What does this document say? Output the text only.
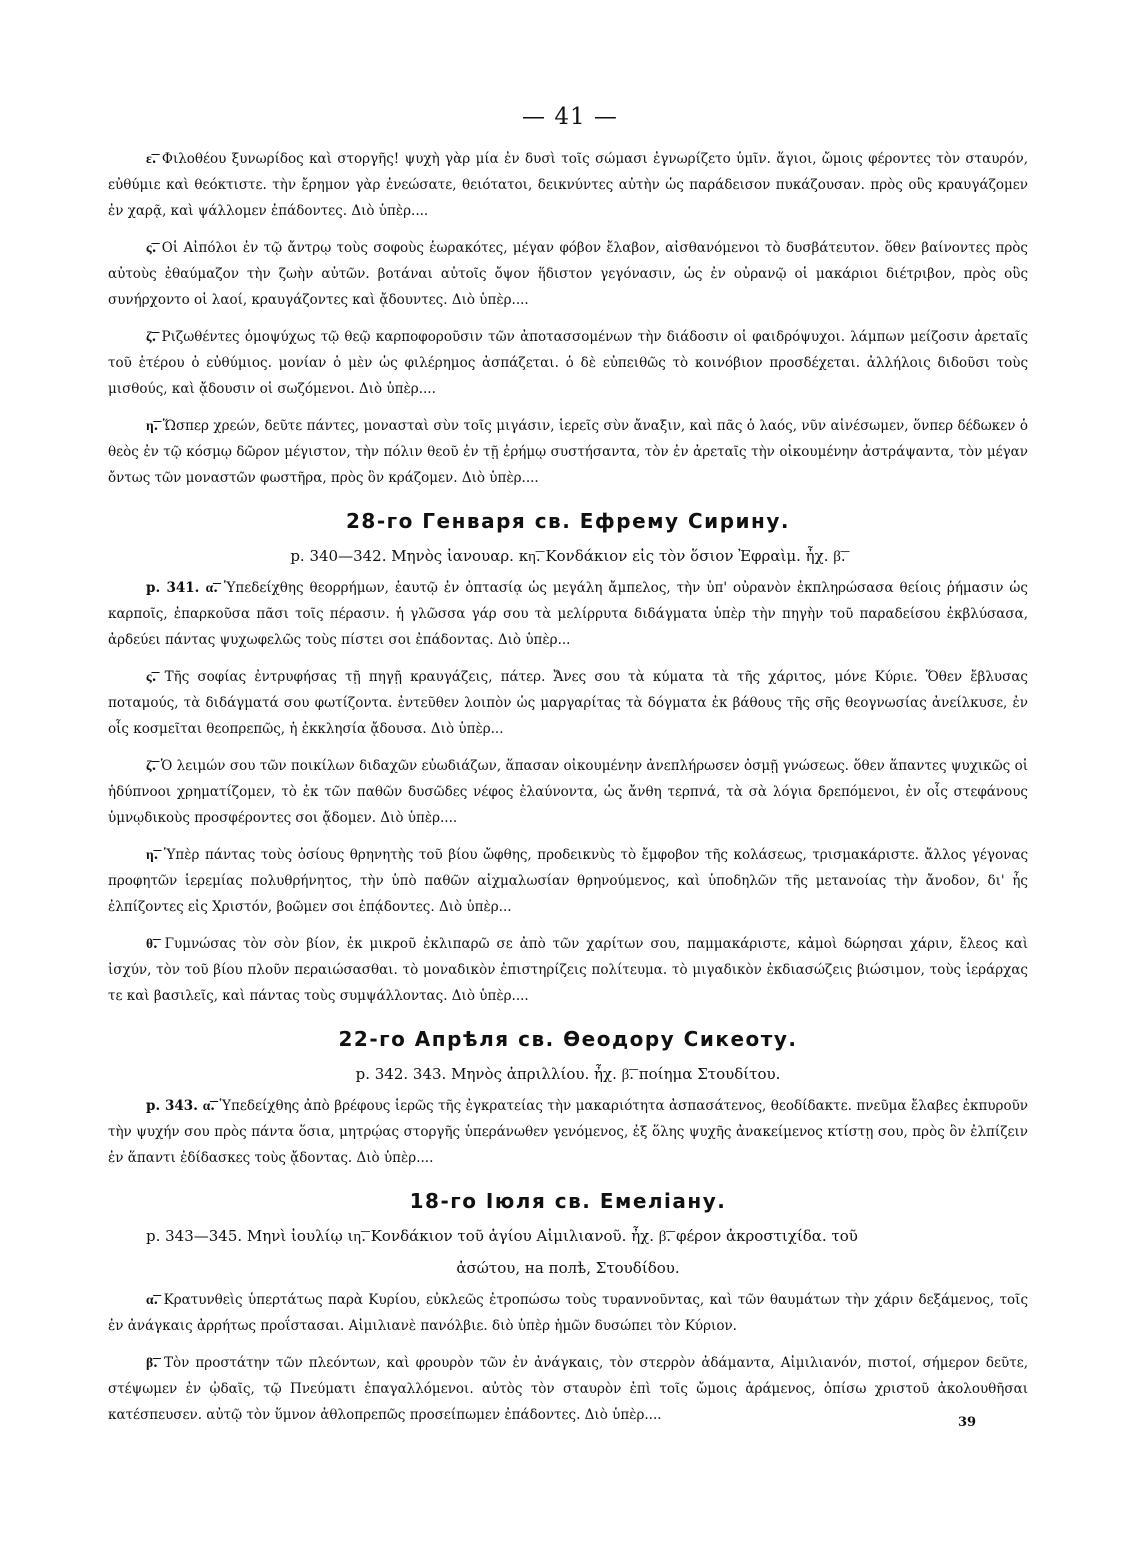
— 41 —

ε͞. Φιλοθέου ξυνωρίδος καὶ στοργῆς! ψυχὴ γὰρ μία ἐν δυσὶ τοῖς σώμασι ἐγνωρίζετο ὑμῖν. ἅγιοι, ὤμοις φέροντες τὸν σταυρόν, εὐθύμιε καὶ θεόκτιστε. τὴν ἔρημον γὰρ ἐνεώσατε, θειότατοι, δεικνύντες αὐτὴν ὡς παράδεισον πυκάζουσαν. πρὸς οὓς κραυγάζομεν ἐν χαρᾷ, καὶ ψάλλομεν ἐπάδοντες. Διὸ ὑπὲρ....

ς͞. Οἱ Αἰπόλοι ἐν τῷ ἄντρῳ τοὺς σοφοὺς ἑωρακότες, μέγαν φόβον ἔλαβον, αἰσθανόμενοι τὸ δυσβάτευτον. ὅθεν βαίνοντες πρὸς αὐτοὺς ἐθαύμαζον τὴν ζωὴν αὐτῶν. βοτάναι αὐτοῖς ὄψον ἥδιστον γεγόνασιν, ὡς ἐν οὐρανῷ οἱ μακάριοι διέτριβον, πρὸς οὓς συνήρχοντο οἱ λαοί, κραυγάζοντες καὶ ᾄδουντες. Διὸ ὑπὲρ....

ζ͞. Ριζωθέντες ὁμοψύχως τῷ θεῷ καρποφοροῦσιν τῶν ἀποτασσομένων τὴν διάδοσιν οἱ φαιδρόψυχοι. λάμπων μείζοσιν ἀρεταῖς τοῦ ἑτέρου ὁ εὐθύμιος. μονίαν ὁ μὲν ὡς φιλέρημος ἀσπάζεται. ὁ δὲ εὐπειθῶς τὸ κοινόβιον προσδέχεται. ἀλλήλοις διδοῦσι τοὺς μισθούς, καὶ ᾄδουσιν οἱ σωζόμενοι. Διὸ ὑπὲρ....

η͞. Ὥσπερ χρεών, δεῦτε πάντες, μονασταὶ σὺν τοῖς μιγάσιν, ἱερεῖς σὺν ἄναξιν, καὶ πᾶς ὁ λαός, νῦν αἰνέσωμεν, ὅνπερ δέδωκεν ὁ θεὸς ἐν τῷ κόσμῳ δῶρον μέγιστον, τὴν πόλιν θεοῦ ἐν τῇ ἐρήμῳ συστήσαντα, τὸν ἐν ἀρεταῖς τὴν οἰκουμένην ἀστράψαντα, τὸν μέγαν ὄντως τῶν μοναστῶν φωστῆρα, πρὸς ὃν κράζομεν. Διὸ ὑπὲρ....

28-го Генваря св. Ефрему Сирину.
р. 340—342. Μηνὸς ἰανουαρ. κη͞. Κονδάκιον εἰς τὸν ὅσιον Ἐφραὶμ. ἦχ. β͞.

р. 341. α͞. Ὑπεδείχθης θεορρήμων, ἑαυτῷ ἐν ὀπτασίᾳ ὡς μεγάλη ἄμπελος, τὴν ὑπ' οὐρανὸν ἐκπληρώσασα θείοις ῥήμασιν ὡς καρποῖς, ἐπαρκοῦσα πᾶσι τοῖς πέρασιν. ἡ γλῶσσα γάρ σου τὰ μελίρρυτα διδάγματα ὑπὲρ τὴν πηγὴν τοῦ παραδείσου ἐκβλύσασα, ἀρδεύει πάντας ψυχωφελῶς τοὺς πίστει σοι ἐπάδοντας. Διὸ ὑπὲρ...

ς͞. Τῆς σοφίας ἐντρυφήσας τῇ πηγῇ κραυγάζεις, πάτερ. Ἄνες σου τὰ κύματα τὰ τῆς χάριτος, μόνε Κύριε. Ὅθεν ἔβλυσας ποταμούς, τὰ διδάγματά σου φωτίζοντα. ἐντεῦθεν λοιπὸν ὡς μαργαρίτας τὰ δόγματα ἐκ βάθους τῆς σῆς θεογνωσίας ἀνείλκυσε, ἐν οἷς κοσμεῖται θεοπρεπῶς, ἡ ἐκκλησία ᾄδουσα. Διὸ ὑπὲρ...

ζ͞. Ὁ λειμών σου τῶν ποικίλων διδαχῶν εὐωδιάζων, ἅπασαν οἰκουμένην ἀνεπλήρωσεν ὀσμῇ γνώσεως. ὅθεν ἅπαντες ψυχικῶς οἱ ἡδύπνοοι χρηματίζομεν, τὸ ἐκ τῶν παθῶν δυσῶδες νέφος ἐλαύνοντα, ὡς ἄνθη τερπνά, τὰ σὰ λόγια δρεπόμενοι, ἐν οἷς στεφάνους ὑμνῳδικοὺς προσφέροντες σοι ᾄδομεν. Διὸ ὑπὲρ....

η͞. Ὑπὲρ πάντας τοὺς ὁσίους θρηνητὴς τοῦ βίου ὤφθης, προδεικνὺς τὸ ἔμφοβον τῆς κολάσεως, τρισμακάριστε. ἄλλος γέγονας προφητῶν ἱερεμίας πολυθρήνητος, τὴν ὑπὸ παθῶν αἰχμαλωσίαν θρηνούμενος, καὶ ὑποδηλῶν τῆς μετανοίας τὴν ἄνοδον, δι' ἧς ἐλπίζοντες εἰς Χριστόν, βοῶμεν σοι ἐπᾴδοντες. Διὸ ὑπὲρ...

θ͞. Γυμνώσας τὸν σὸν βίον, ἐκ μικροῦ ἐκλιπαρῶ σε ἀπὸ τῶν χαρίτων σου, παμμακάριστε, κἀμοὶ δώρησαι χάριν, ἔλεος καὶ ἰσχύν, τὸν τοῦ βίου πλοῦν περαιώσασθαι. τὸ μοναδικὸν ἐπιστηρίζεις πολίτευμα. τὸ μιγαδικὸν ἐκδιασώζεις βιώσιμον, τοὺς ἱεράρχας τε καὶ βασιλεῖς, καὶ πάντας τοὺς συμψάλλοντας. Διὸ ὑπὲρ....

22-го Апрѣля св. Өеодору Сикеоту.
р. 342. 343. Μηνὸς ἀπριλλίου. ἦχ. β͞. ποίημα Στουδίτου.

р. 343. α͞. Ὑπεδείχθης ἀπὸ βρέφους ἱερῶς τῆς ἐγκρατείας τὴν μακαριότητα ἀσπασάτενος, θεοδίδακτε. πνεῦμα ἔλαβες ἐκπυροῦν τὴν ψυχήν σου πρὸς πάντα ὅσια, μητρῴας στοργῆς ὑπεράνωθεν γενόμενος, ἐξ ὅλης ψυχῆς ἀνακείμενος κτίστῃ σου, πρὸς ὃν ἐλπίζειν ἐν ἅπαντι ἐδίδασκες τοὺς ᾄδοντας. Διὸ ὑπὲρ....

18-го Іюля св. Емеліану.
р. 343—345. Μηνὶ ἰουλίῳ ιη͞. Κονδάκιον τοῦ ἁγίου Αἰμιλιανοῦ. ἦχ. β͞. φέρον ἀκροστιχίδα. τοῦ
ἀσώτου, на полѣ, Στουδίδου.

α͞. Κρατυνθεὶς ὑπερτάτως παρὰ Κυρίου, εὐκλεῶς ἐτροπώσω τοὺς τυραννοῦντας, καὶ τῶν θαυμάτων τὴν χάριν δεξάμενος, τοῖς ἐν ἀνάγκαις ἀρρήτως προΐστασαι. Αἰμιλιανὲ πανόλβιε. διὸ ὑπὲρ ἡμῶν δυσώπει τὸν Κύριον.

β͞. Τὸν προστάτην τῶν πλεόντων, καὶ φρουρὸν τῶν ἐν ἀνάγκαις, τὸν στερρὸν ἀδάμαντα, Αἰμιλιανόν, πιστοί, σήμερον δεῦτε, στέψωμεν ἐν ᾠδαῖς, τῷ Πνεύματι ἐπαγαλλόμενοι. αὐτὸς τὸν σταυρὸν ἐπὶ τοῖς ὤμοις ἀράμενος, ὀπίσω χριστοῦ ἀκολουθῆσαι κατέσπευσεν. αὐτῷ τὸν ὕμνον ἀθλοπρεπῶς προσείπωμεν ἐπάδοντες. Διὸ ὑπὲρ....	39
